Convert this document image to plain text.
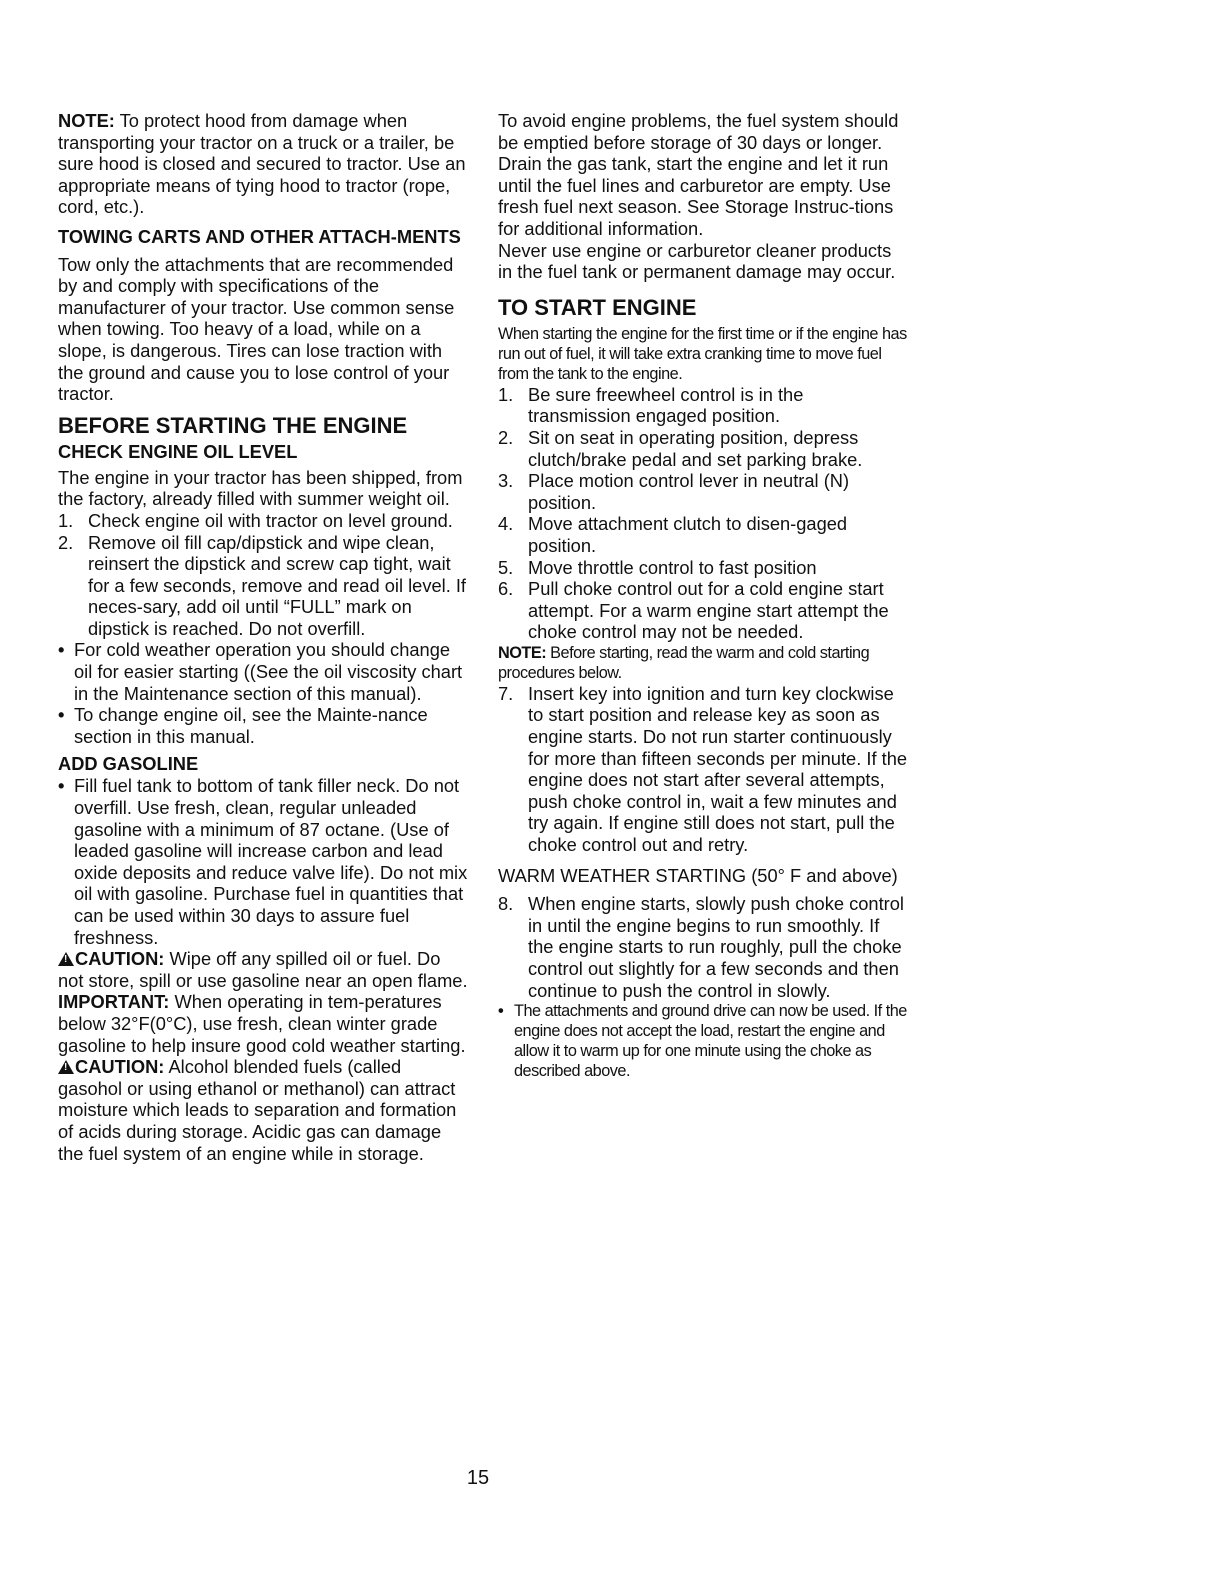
NOTE: To protect hood from damage when transporting your tractor on a truck or a trailer, be sure hood is closed and secured to tractor. Use an appropriate means of tying hood to tractor (rope, cord, etc.).

TOWING CARTS AND OTHER ATTACH-MENTS

Tow only the attachments that are recommended by and comply with specifications of the manufacturer of your tractor. Use common sense when towing. Too heavy of a load, while on a slope, is dangerous. Tires can lose traction with the ground and cause you to lose control of your tractor.

BEFORE STARTING THE ENGINE
CHECK ENGINE OIL LEVEL

The engine in your tractor has been shipped, from the factory, already filled with summer weight oil.

1. Check engine oil with tractor on level ground.
2. Remove oil fill cap/dipstick and wipe clean, reinsert the dipstick and screw cap tight, wait for a few seconds, remove and read oil level. If neces-sary, add oil until “FULL” mark on dipstick is reached. Do not overfill.
• For cold weather operation you should change oil for easier starting ((See the oil viscosity chart in the Maintenance section of this manual).
• To change engine oil, see the Mainte-nance section in this manual.
ADD GASOLINE
• Fill fuel tank to bottom of tank filler neck. Do not overfill. Use fresh, clean, regular unleaded gasoline with a minimum of 87 octane. (Use of leaded gasoline will increase carbon and lead oxide deposits and reduce valve life). Do not mix oil with gasoline. Purchase fuel in quantities that can be used within 30 days to assure fuel freshness.

!CAUTION: Wipe off any spilled oil or fuel. Do not store, spill or use gasoline near an open flame.

IMPORTANT: When operating in tem-peratures below 32°F(0°C), use fresh, clean winter grade gasoline to help insure good cold weather starting.

!CAUTION: Alcohol blended fuels (called gasohol or using ethanol or methanol) can attract moisture which leads to separation and formation of acids during storage. Acidic gas can damage the fuel system of an engine while in storage.

To avoid engine problems, the fuel system should be emptied before storage of 30 days or longer. Drain the gas tank, start the engine and let it run until the fuel lines and carburetor are empty. Use fresh fuel next season. See Storage Instruc-tions for additional information.

Never use engine or carburetor cleaner products in the fuel tank or permanent damage may occur.

TO START ENGINE

When starting the engine for the first time or if the engine has run out of fuel, it will take extra cranking time to move fuel from the tank to the engine.

1. Be sure freewheel control is in the transmission engaged position.
2. Sit on seat in operating position, depress clutch/brake pedal and set parking brake.
3. Place motion control lever in neutral (N) position.
4. Move attachment clutch to disen-gaged position.
5. Move throttle control to fast position
6. Pull choke control out for a cold engine start attempt. For a warm engine start attempt the choke control may not be needed.

NOTE: Before starting, read the warm and cold starting procedures below.

7. Insert key into ignition and turn key clockwise to start position and release key as soon as engine starts. Do not run starter continuously for more than fifteen seconds per minute. If the engine does not start after several attempts, push choke control in, wait a few minutes and try again. If engine still does not start, pull the choke control out and retry.

WARM WEATHER STARTING (50° F and above)

8. When engine starts, slowly push choke control in until the engine begins to run smoothly. If the engine starts to run roughly, pull the choke control out slightly for a few seconds and then continue to push the control in slowly.
• The attachments and ground drive can now be used. If the engine does not accept the load, restart the engine and allow it to warm up for one minute using the choke as described above.
15
